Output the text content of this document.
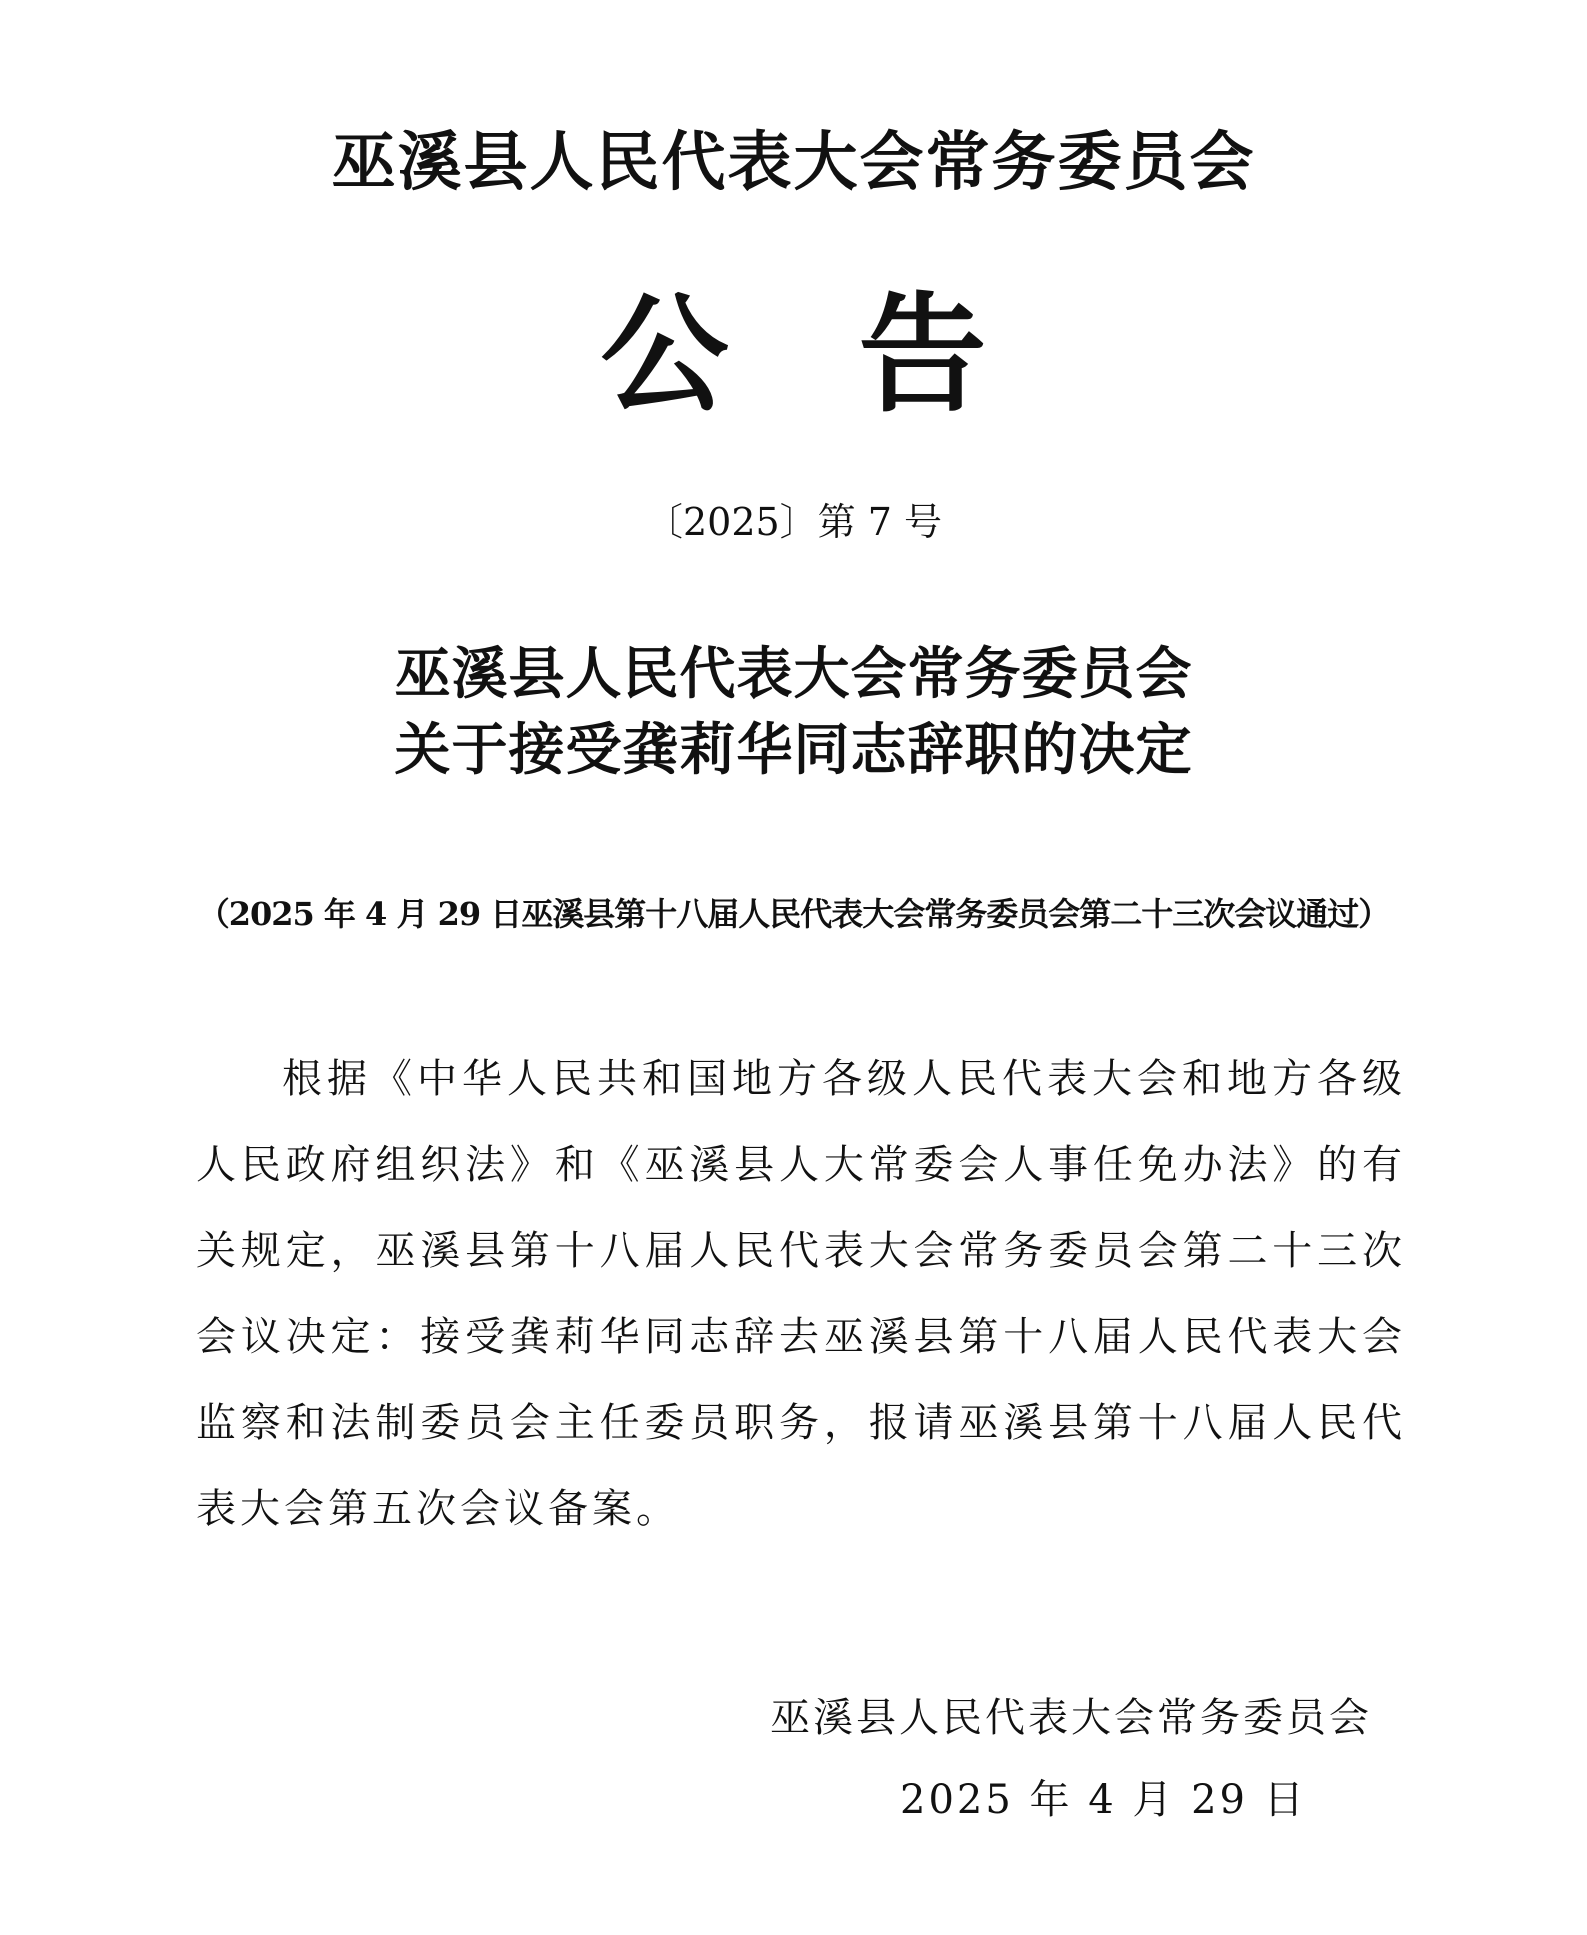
巫溪县人民代表大会常务委员会
公 告
〔2025〕第 7 号
巫溪县人民代表大会常务委员会
关于接受龚莉华同志辞职的决定
（2025 年 4 月 29 日巫溪县第十八届人民代表大会常务委员会第二十三次会议通过）

根据《中华人民共和国地方各级人民代表大会和地方各级人民政府组织法》和《巫溪县人大常委会人事任免办法》的有关规定，巫溪县第十八届人民代表大会常务委员会第二十三次会议决定：接受龚莉华同志辞去巫溪县第十八届人民代表大会监察和法制委员会主任委员职务，报请巫溪县第十八届人民代表大会第五次会议备案。

巫溪县人民代表大会常务委员会
2025 年 4 月 29 日
